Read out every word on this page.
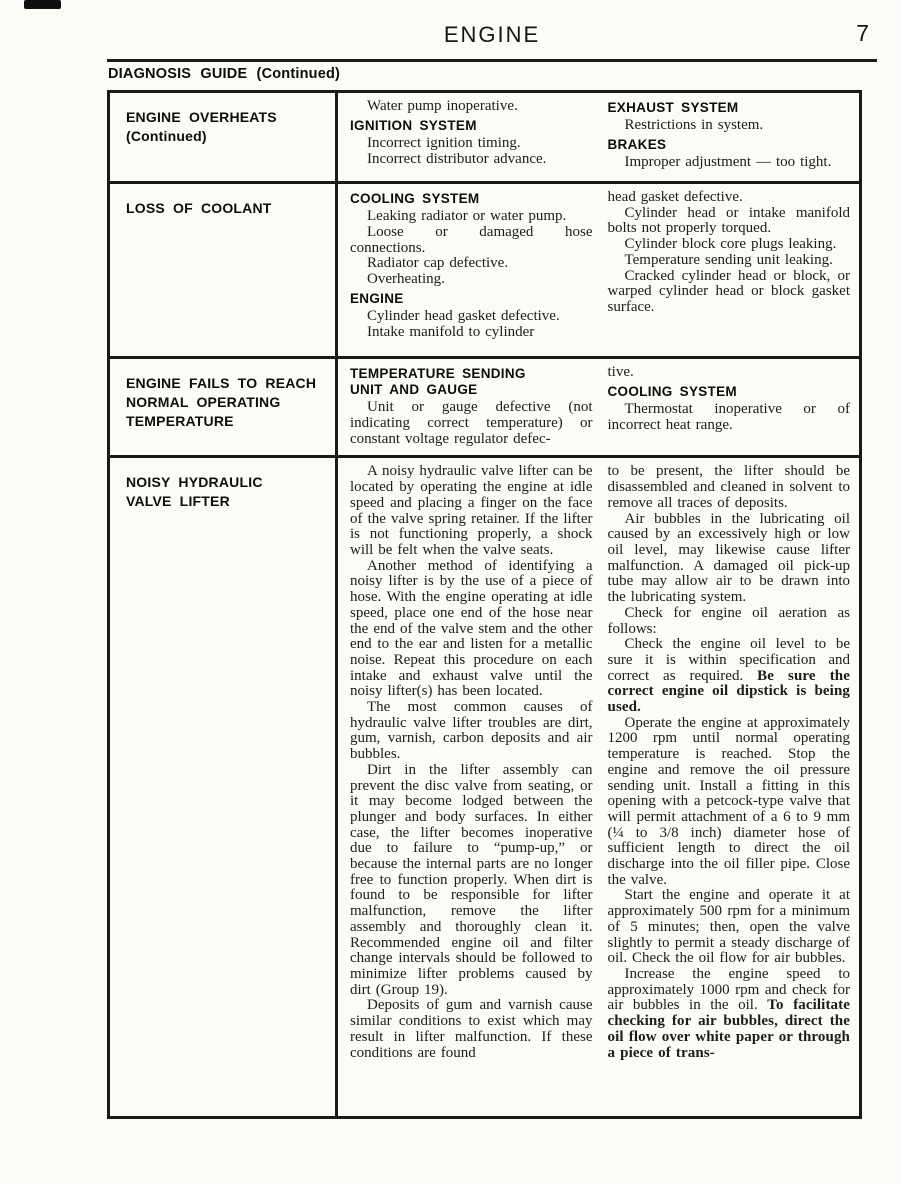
ENGINE	7
DIAGNOSIS GUIDE (Continued)
ENGINE OVERHEATS
(Continued)

Water pump inoperative.

IGNITION SYSTEM

Incorrect ignition timing.

Incorrect distributor advance.

EXHAUST SYSTEM

Restrictions in system.

BRAKES

Improper adjustment — too tight.

LOSS OF COOLANT
COOLING SYSTEM

Leaking radiator or water pump.

Loose or damaged hose connections.

Radiator cap defective.

Overheating.

ENGINE

Cylinder head gasket defective.

Intake manifold to cylinder

head gasket defective.

Cylinder head or intake manifold bolts not properly torqued.

Cylinder block core plugs leaking.

Temperature sending unit leaking.

Cracked cylinder head or block, or warped cylinder head or block gasket surface.

ENGINE FAILS TO REACH
NORMAL OPERATING
TEMPERATURE
TEMPERATURE SENDING
UNIT AND GAUGE

Unit or gauge defective (not indicating correct temperature) or constant voltage regulator defec-

tive.

COOLING SYSTEM

Thermostat inoperative or of incorrect heat range.

NOISY HYDRAULIC
VALVE LIFTER

A noisy hydraulic valve lifter can be located by operating the engine at idle speed and placing a finger on the face of the valve spring retainer. If the lifter is not functioning properly, a shock will be felt when the valve seats.

Another method of identifying a noisy lifter is by the use of a piece of hose. With the engine operating at idle speed, place one end of the hose near the end of the valve stem and the other end to the ear and listen for a metallic noise. Repeat this procedure on each intake and exhaust valve until the noisy lifter(s) has been located.

The most common causes of hydraulic valve lifter troubles are dirt, gum, varnish, carbon deposits and air bubbles.

Dirt in the lifter assembly can prevent the disc valve from seating, or it may become lodged between the plunger and body surfaces. In either case, the lifter becomes inoperative due to failure to “pump-up,” or because the internal parts are no longer free to function properly. When dirt is found to be responsible for lifter malfunction, remove the lifter assembly and thoroughly clean it. Recommended engine oil and filter change intervals should be followed to minimize lifter problems caused by dirt (Group 19).

Deposits of gum and varnish cause similar conditions to exist which may result in lifter malfunction. If these conditions are found

to be present, the lifter should be disassembled and cleaned in solvent to remove all traces of deposits.

Air bubbles in the lubricating oil caused by an excessively high or low oil level, may likewise cause lifter malfunction. A damaged oil pick-up tube may allow air to be drawn into the lubricating system.

Check for engine oil aeration as follows:

Check the engine oil level to be sure it is within specification and correct as required. Be sure the correct engine oil dipstick is being used.

Operate the engine at approximately 1200 rpm until normal operating temperature is reached. Stop the engine and remove the oil pressure sending unit. Install a fitting in this opening with a petcock-type valve that will permit attachment of a 6 to 9 mm (¼ to 3/8 inch) diameter hose of sufficient length to direct the oil discharge into the oil filler pipe. Close the valve.

Start the engine and operate it at approximately 500 rpm for a minimum of 5 minutes; then, open the valve slightly to permit a steady discharge of oil. Check the oil flow for air bubbles.

Increase the engine speed to approximately 1000 rpm and check for air bubbles in the oil. To facilitate checking for air bubbles, direct the oil flow over white paper or through a piece of trans-
